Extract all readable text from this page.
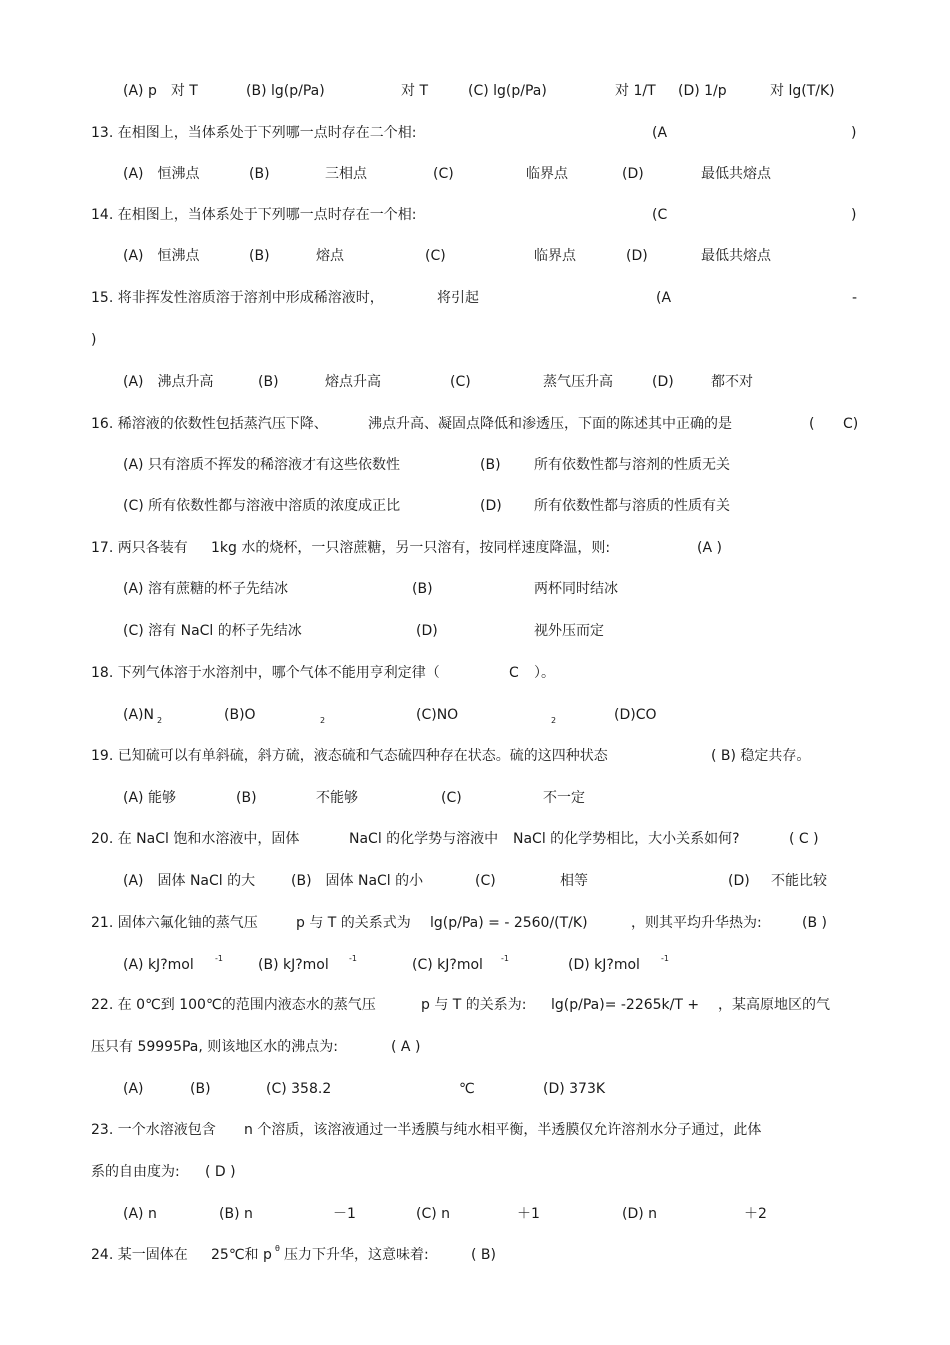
(A) p　对 T	(B) lg(p/Pa)	对 T	(C) lg(p/Pa)	对 1/T (D) 1/p	对 lg(T/K)
13. 在相图上，当体系处于下列哪一点时存在二个相:	(A	)
(A)　恒沸点	(B)	三相点	(C)	临界点	(D)	最低共熔点
14. 在相图上，当体系处于下列哪一点时存在一个相:	(C	)
(A)　恒沸点	(B)	熔点	(C)	临界点	(D)	最低共熔点
15. 将非挥发性溶质溶于溶剂中形成稀溶液时，	将引起	(A	-
)
(A)　沸点升高	(B)	熔点升高	(C)	蒸气压升高	(D)	都不对
16. 稀溶液的依数性包括蒸汽压下降、	沸点升高、凝固点降低和渗透压，下面的陈述其中正确的是	( C)
(A) 只有溶质不挥发的稀溶液才有这些依数性	(B) 所有依数性都与溶剂的性质无关
(C) 所有依数性都与溶液中溶质的浓度成正比	(D) 所有依数性都与溶质的性质有关
17. 两只各装有 1kg 水的烧杯，一只溶蔗糖，另一只溶有，按同样速度降温，则:	(A )
(A) 溶有蔗糖的杯子先结冰	(B)	两杯同时结冰
(C) 溶有 NaCl 的杯子先结冰	(D)	视外压而定
18. 下列气体溶于水溶剂中，哪个气体不能用亨利定律（	C ）。
(A)N 2	(B)O	2	(C)NO	2	(D)CO
19. 已知硫可以有单斜硫，斜方硫，液态硫和气态硫四种存在状态。硫的这四种状态	( B) 稳定共存。
(A) 能够	(B)	不能够	(C)	不一定
20. 在 NaCl 饱和水溶液中，固体	NaCl 的化学势与溶液中 NaCl 的化学势相比，大小关系如何?	( C )
(A)　固体 NaCl 的大	(B)　固体 NaCl 的小	(C)	相等	(D) 不能比较
21. 固体六氟化铀的蒸气压	p 与 T 的关系式为 lg(p/Pa) = - 2560/(T/K)	，则其平均升华热为:	(B )
(A) kJ?mol	-1	(B) kJ?mol	-1	(C) kJ?mol -1	(D) kJ?mol	-1
22. 在 0℃到 100℃的范围内液态水的蒸气压	p 与 T 的关系为: lg(p/Pa)= -2265k/T + ，某高原地区的气
压只有 59995Pa, 则该地区水的沸点为:	( A )
(A)	(B)	(C) 358.2	℃	(D) 373K
23. 一个水溶液包含 n 个溶质，该溶液通过一半透膜与纯水相平衡，半透膜仅允许溶剂水分子通过，此体
系的自由度为: ( D )
(A) n	(B) n	－1	(C) n	＋1	(D) n	＋2
24. 某一固体在 25℃和 p θ 压力下升华，这意味着:	( B)
